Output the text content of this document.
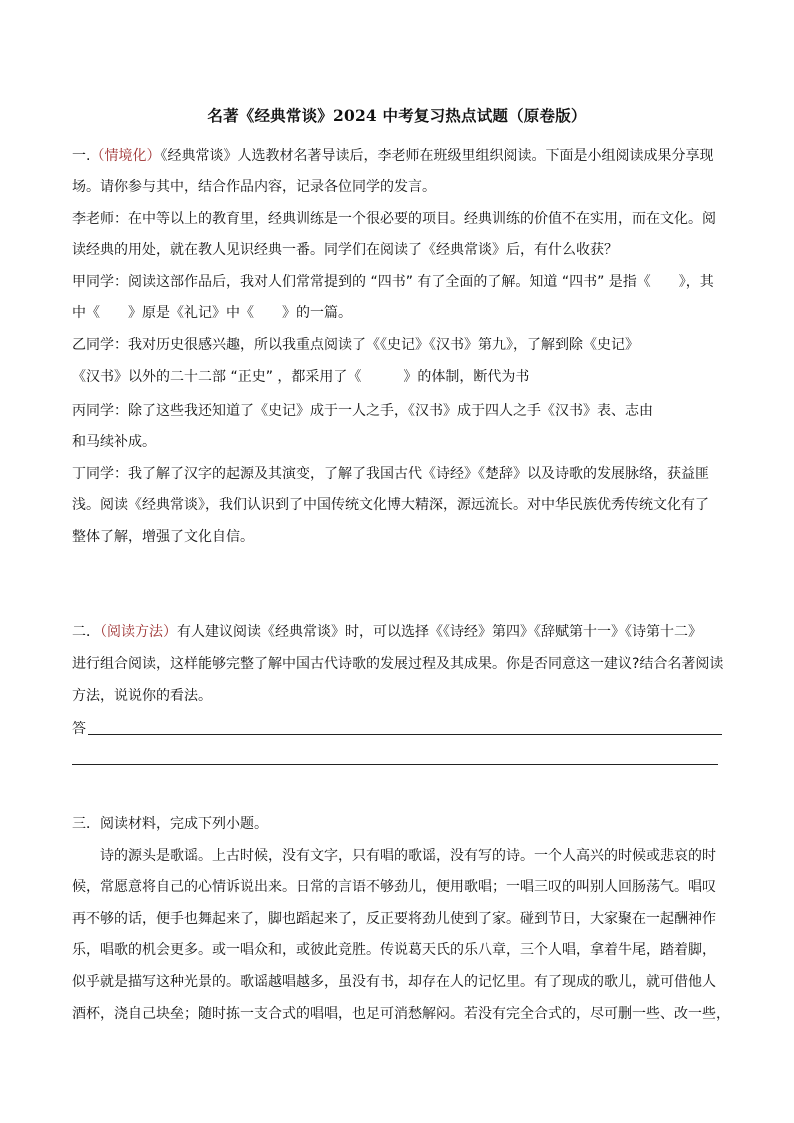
名著《经典常谈》2024 中考复习热点试题（原卷版）
一.（情境化）《经典常谈》人选教材名著导读后，李老师在班级里组织阅读。下面是小组阅读成果分享现
场。请你参与其中，结合作品内容，记录各位同学的发言。
李老师：在中等以上的教育里，经典训练是一个很必要的项目。经典训练的价值不在实用，而在文化。阅
读经典的用处，就在教人见识经典一番。同学们在阅读了《经典常谈》后，有什么收获？
甲同学：阅读这部作品后，我对人们常常提到的 “四书” 有了全面的了解。知道 “四书” 是指《　　》，其
中《　　》原是《礼记》中《　　》的一篇。
乙同学：我对历史很感兴趣，所以我重点阅读了《《史记》《汉书》第九》，了解到除《史记》
《汉书》以外的二十二部 “正史” ，都采用了《　　　》的体制，断代为书
丙同学：除了这些我还知道了《史记》成于一人之手，《汉书》成于四人之手《汉书》表、志由
和马续补成。
丁同学：我了解了汉字的起源及其演变，了解了我国古代《诗经》《楚辞》以及诗歌的发展脉络，获益匪
浅。阅读《经典常谈》，我们认识到了中国传统文化博大精深，源远流长。对中华民族优秀传统文化有了
整体了解，增强了文化自信。
二．（阅读方法）有人建议阅读《经典常谈》时，可以选择《《诗经》第四》《辞赋第十一》《诗第十二》
进行组合阅读，这样能够完整了解中国古代诗歌的发展过程及其成果。你是否同意这一建议?结合名著阅读
方法，说说你的看法。
答
三．阅读材料，完成下列小题。
诗的源头是歌谣。上古时候，没有文字，只有唱的歌谣，没有写的诗。一个人高兴的时候或悲哀的时
候，常愿意将自己的心情诉说出来。日常的言语不够劲儿，便用歌唱；一唱三叹的叫别人回肠荡气。唱叹
再不够的话，便手也舞起来了，脚也蹈起来了，反正要将劲儿使到了家。碰到节日，大家聚在一起酬神作
乐，唱歌的机会更多。或一唱众和，或彼此竞胜。传说葛天氏的乐八章，三个人唱，拿着牛尾，踏着脚，
似乎就是描写这种光景的。歌谣越唱越多，虽没有书，却存在人的记忆里。有了现成的歌儿，就可借他人
酒杯，浇自己块垒；随时拣一支合式的唱唱，也足可消愁解闷。若没有完全合式的，尽可删一些、改一些，
